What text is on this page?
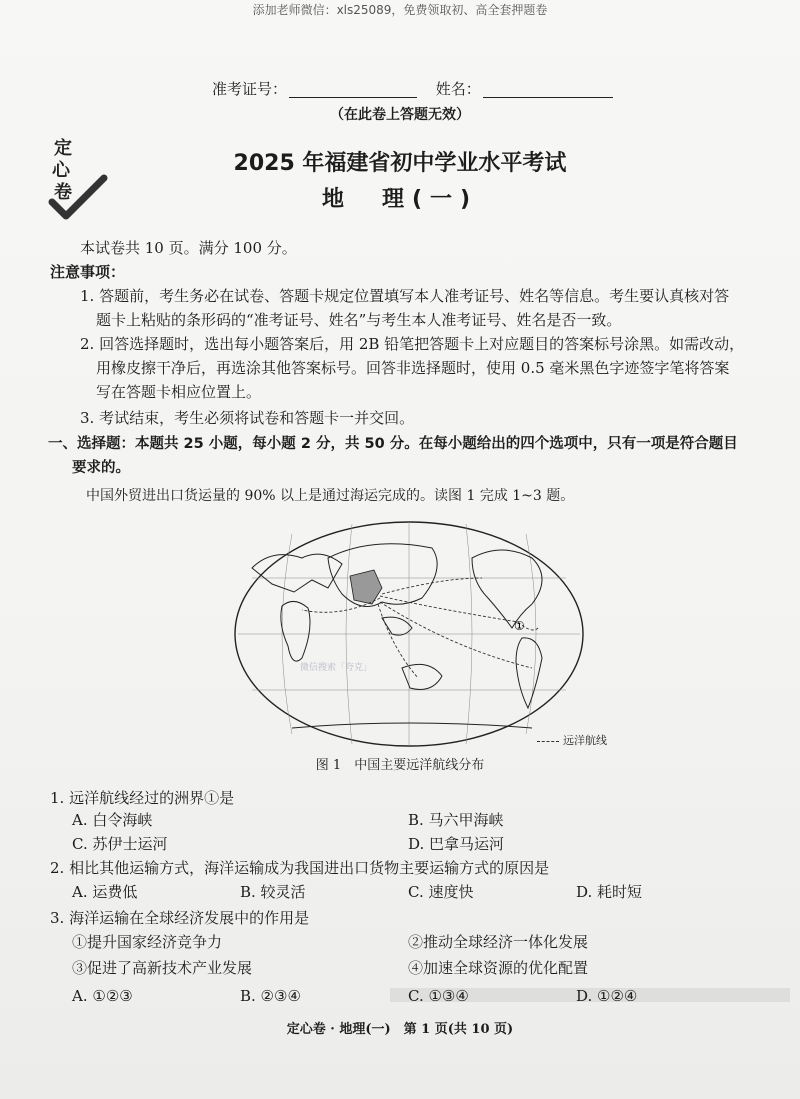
添加老师微信：xls25089，免费领取初、高全套押题卷
准考证号：	姓名：
（在此卷上答题无效）
定
心
卷
2025 年福建省初中学业水平考试
地　理(一)
本试卷共 10 页。满分 100 分。
注意事项：
1. 答题前，考生务必在试卷、答题卡规定位置填写本人准考证号、姓名等信息。考生要认真核对答
题卡上粘贴的条形码的“准考证号、姓名”与考生本人准考证号、姓名是否一致。
2. 回答选择题时，选出每小题答案后，用 2B 铅笔把答题卡上对应题目的答案标号涂黑。如需改动，
用橡皮擦干净后，再选涂其他答案标号。回答非选择题时，使用 0.5 毫米黑色字迹签字笔将答案
写在答题卡相应位置上。
3. 考试结束，考生必须将试卷和答题卡一并交回。
一、选择题：本题共 25 小题，每小题 2 分，共 50 分。在每小题给出的四个选项中，只有一项是符合题目
要求的。
中国外贸进出口货运量的 90% 以上是通过海运完成的。读图 1 完成 1~3 题。
①
微信搜索「夸克」
远洋航线
图 1　中国主要远洋航线分布
1. 远洋航线经过的洲界①是
A. 白令海峡	B. 马六甲海峡
C. 苏伊士运河	D. 巴拿马运河
2. 相比其他运输方式，海洋运输成为我国进出口货物主要运输方式的原因是
A. 运费低	B. 较灵活	C. 速度快	D. 耗时短
3. 海洋运输在全球经济发展中的作用是
①提升国家经济竞争力	②推动全球经济一体化发展
③促进了高新技术产业发展	④加速全球资源的优化配置
A. ①②③	B. ②③④	C. ①③④	D. ①②④
定心卷 · 地理(一)　第 1 页(共 10 页)
